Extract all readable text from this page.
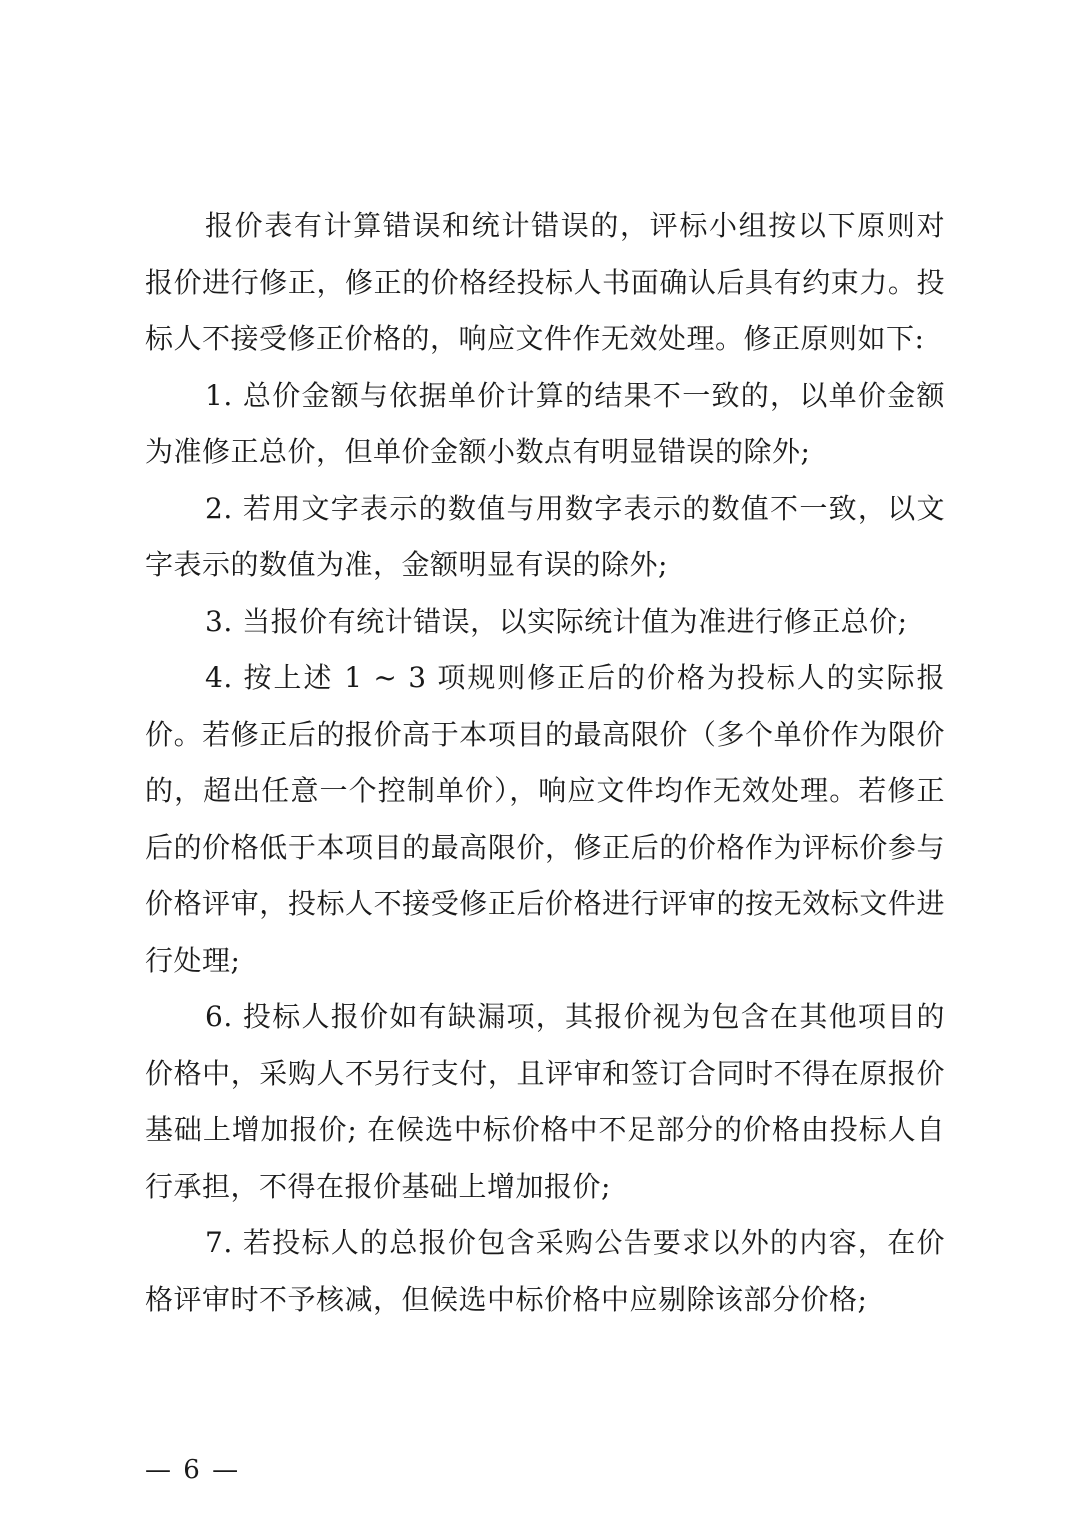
报价表有计算错误和统计错误的，评标小组按以下原则对报价进行修正，修正的价格经投标人书面确认后具有约束力。投标人不接受修正价格的，响应文件作无效处理。修正原则如下:

1. 总价金额与依据单价计算的结果不一致的，以单价金额为准修正总价，但单价金额小数点有明显错误的除外;

2. 若用文字表示的数值与用数字表示的数值不一致，以文字表示的数值为准，金额明显有误的除外;

3. 当报价有统计错误，以实际统计值为准进行修正总价;

4. 按上述 1 ~ 3 项规则修正后的价格为投标人的实际报价。若修正后的报价高于本项目的最高限价（多个单价作为限价的，超出任意一个控制单价），响应文件均作无效处理。若修正后的价格低于本项目的最高限价，修正后的价格作为评标价参与价格评审，投标人不接受修正后价格进行评审的按无效标文件进行处理;

6. 投标人报价如有缺漏项，其报价视为包含在其他项目的价格中，采购人不另行支付，且评审和签订合同时不得在原报价基础上增加报价; 在候选中标价格中不足部分的价格由投标人自行承担，不得在报价基础上增加报价;

7. 若投标人的总报价包含采购公告要求以外的内容，在价格评审时不予核减，但候选中标价格中应剔除该部分价格;

— 6 —
